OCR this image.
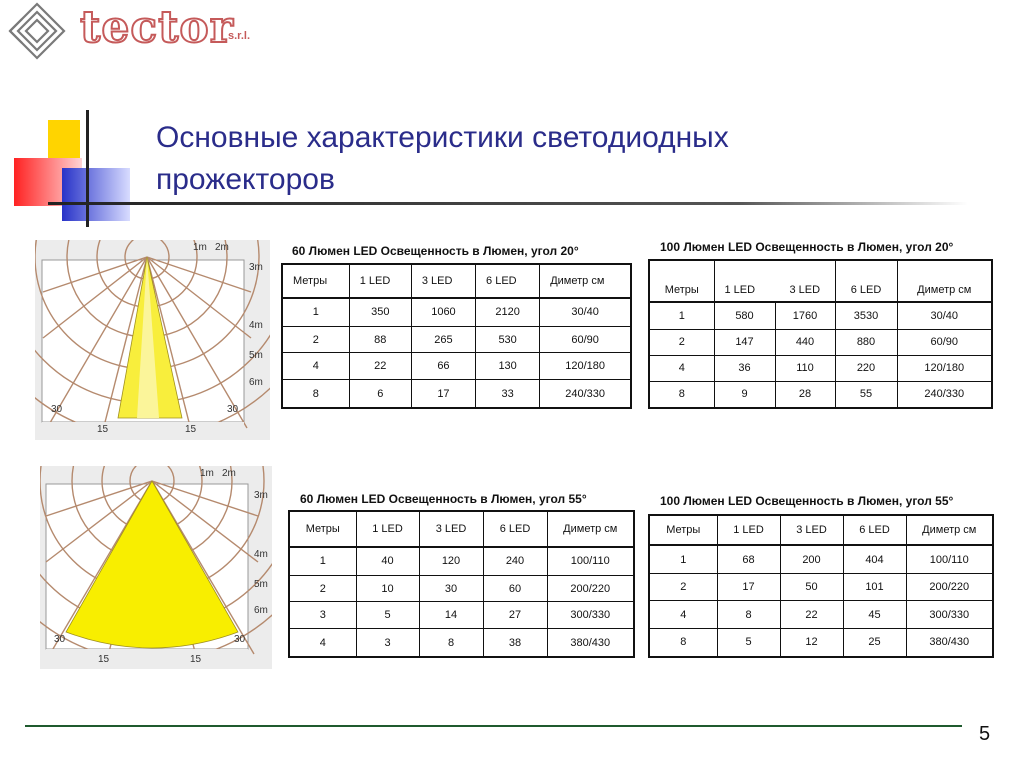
tector
s.r.l.
Основные характеристики светодиодных
прожекторов
1m 2m
3m
4m
5m
6m
30	30
15	15
1m 2m
3m
4m
5m
6m
30	30
15	15
60 Люмен LED Освещенность в Люмен, угол 20°
Метры	1 LED	3 LED	6 LED	Диметр см
1	350	1060	2120	30/40
2	88	265	530	60/90
4	22	66	130	120/180
8	6	17	33	240/330
100 Люмен LED Освещенность в Люмен, угол 20°
Метры	1 LED	3 LED	6 LED	Диметр см
1	580	1760	3530	30/40
2	147	440	880	60/90
4	36	110	220	120/180
8	9	28	55	240/330
60 Люмен LED Освещенность в Люмен, угол 55°
Метры	1 LED	3 LED	6 LED	Диметр см
1	40	120	240	100/110
2	10	30	60	200/220
3	5	14	27	300/330
4	3	8	38	380/430
100 Люмен LED Освещенность в Люмен, угол 55°
Метры	1 LED	3 LED	6 LED	Диметр см
1	68	200	404	100/110
2	17	50	101	200/220
4	8	22	45	300/330
8	5	12	25	380/430
5
